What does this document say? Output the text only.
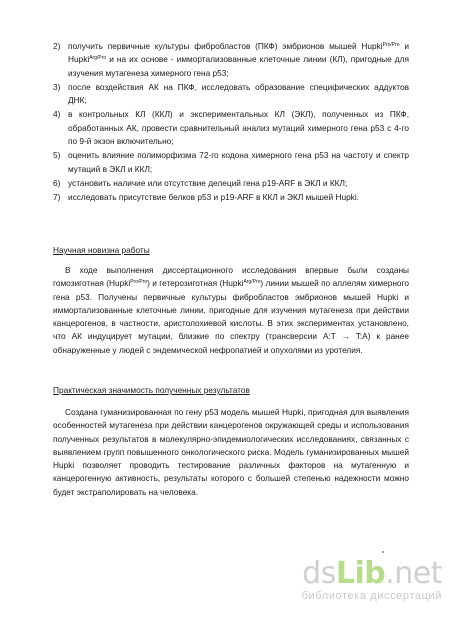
2) получить первичные культуры фибробластов (ПКФ) эмбрионов мышей Hupki$^{Pro/Pro}$ и Hupki$^{Arg/Pro}$ и на их основе - иммортализованные клеточные линии (КЛ), пригодные для изучения мутагенеза химерного гена p53;
3) после воздействия АК на ПКФ, исследовать образование специфических аддуктов ДНК;
4) в контрольных КЛ (ККЛ) и экспериментальных КЛ (ЭКЛ), полученных из ПКФ, обработанных АК, провести сравнительный анализ мутаций химерного гена p53 с 4-го по 9-й экзон включительно;
5) оценить влияние полиморфизма 72-го кодона химерного гена p53 на частоту и спектр мутаций в ЭКЛ и ККЛ;
6) установить наличие или отсутствие делеций гена p19-ARF в ЭКЛ и ККЛ;
7) исследовать присутствие белков p53 и p19-ARF в ККЛ и ЭКЛ мышей Hupki.
Научная новизна работы

В ходе выполнения диссертационного исследования впервые были созданы гомозиготная (Hupki$^{Pro/Pro}$) и гетерозиготная (Hupki$^{Arg/Pro}$) линии мышей по аллелям химерного гена p53. Получены первичные культуры фибробластов эмбрионов мышей Hupki и иммортализованные клеточные линии, пригодные для изучения мутагенеза при действии канцерогенов, в частности, аристолохиевой кислоты. В этих экспериментах установлено, что АК индуцирует мутации, близкие по спектру (трансверсии A:T → T:A) к ранее обнаруженные у людей с эндемической нефропатией и опухолями из уротелия.

Практическая значимость полученных результатов

Создана гуманизированная по гену p53 модель мышей Hupki, пригодная для выявления особенностей мутагенеза при действии канцерогенов окружающей среды и использования полученных результатов в молекулярно-эпидемиологических исследованиях, связанных с выявлением групп повышенного онкологического риска. Модель гуманизированных мышей Hupki позволяет проводить тестирование различных факторов на мутагенную и канцерогенную активность, результаты которого с большей степенью надежности можно будет экстраполировать на человека.

dsLib.net
библиотека диссертаций
